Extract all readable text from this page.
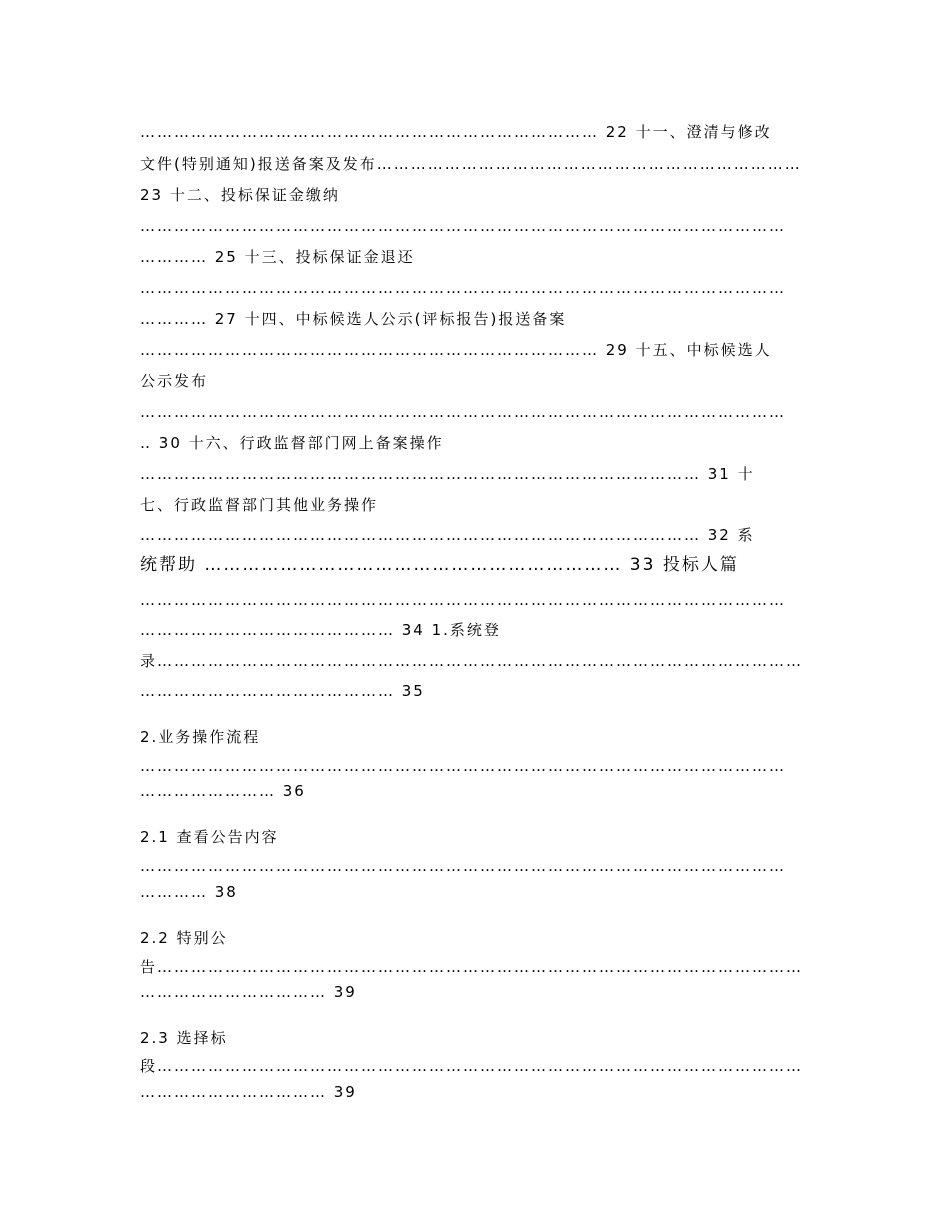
……………………………………………………………………… 22 十一、澄清与修改
文件(特别通知)报送备案及发布…………………………………………………………………
23 十二、投标保证金缴纳
……………………………………………………………………………………………………
………… 25 十三、投标保证金退还
……………………………………………………………………………………………………
………… 27 十四、中标候选人公示(评标报告)报送备案
……………………………………………………………………… 29 十五、中标候选人
公示发布
……………………………………………………………………………………………………
‥ 30 十六、行政监督部门网上备案操作
……………………………………………………………………………………… 31 十
七、行政监督部门其他业务操作
……………………………………………………………………………………… 32 系
统帮助 ………………………………………………………… 33 投标人篇
……………………………………………………………………………………………………
……………………………………… 34 1.系统登
录……………………………………………………………………………………………………
……………………………………… 35
2.业务操作流程
……………………………………………………………………………………………………
…………………… 36
2.1 查看公告内容
……………………………………………………………………………………………………
………… 38
2.2 特别公
告……………………………………………………………………………………………………
…………………………… 39
2.3 选择标
段……………………………………………………………………………………………………
…………………………… 39
